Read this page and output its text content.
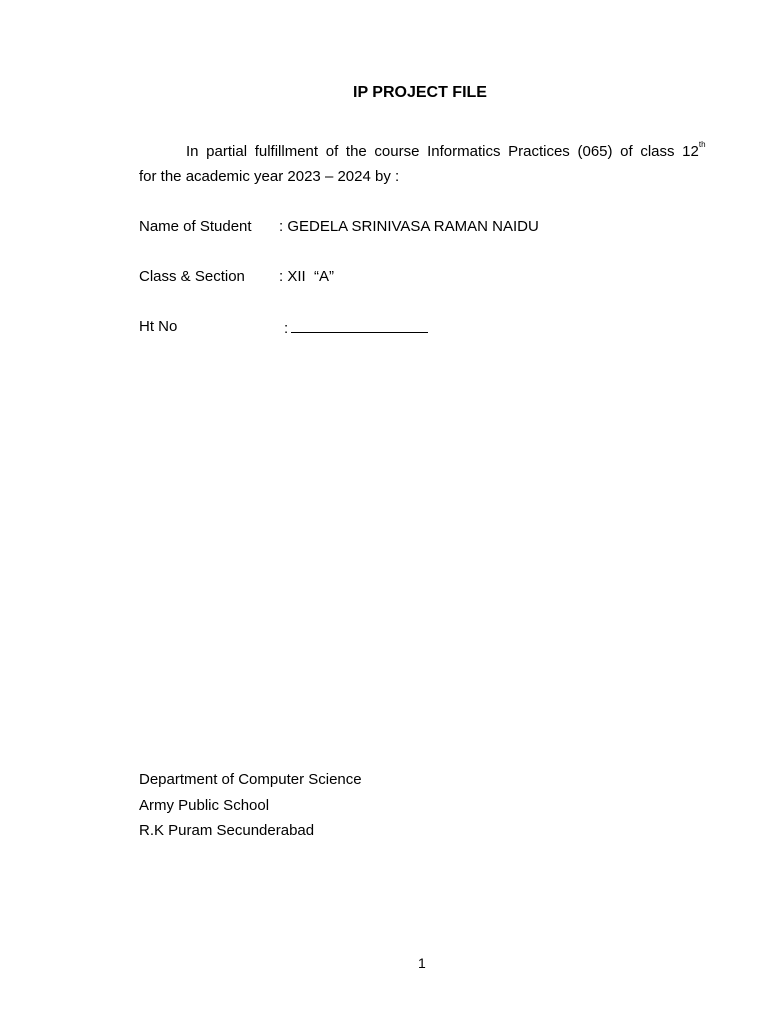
IP PROJECT FILE
In partial fulfillment of the course Informatics Practices (065) of class 12th
for the academic year 2023 – 2024 by :
Name of Student : GEDELA SRINIVASA RAMAN NAIDU
Class & Section : XII  “A”
Ht No	:
Department of Computer Science
Army Public School
R.K Puram Secunderabad
1
